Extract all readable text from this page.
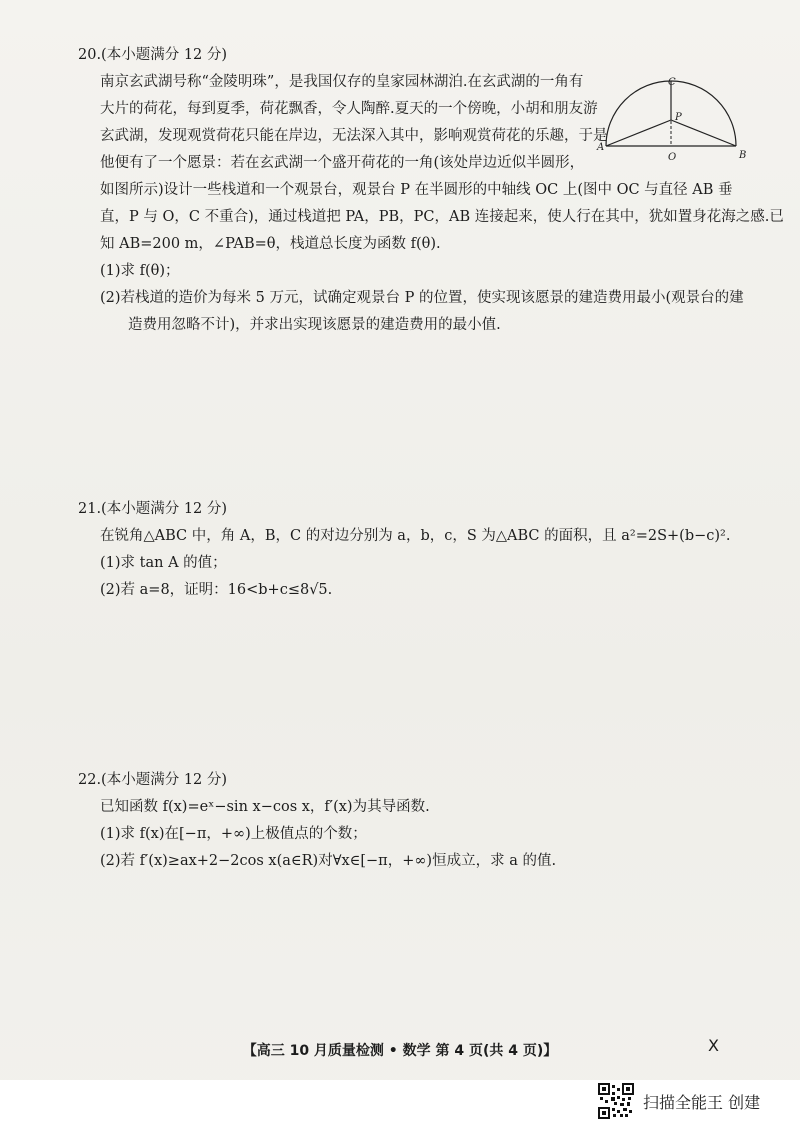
20.(本小题满分 12 分)
南京玄武湖号称“金陵明珠”，是我国仅存的皇家园林湖泊.在玄武湖的一角有
大片的荷花，每到夏季，荷花飘香，令人陶醉.夏天的一个傍晚，小胡和朋友游
玄武湖，发现观赏荷花只能在岸边，无法深入其中，影响观赏荷花的乐趣，于是
他便有了一个愿景：若在玄武湖一个盛开荷花的一角(该处岸边近似半圆形，
如图所示)设计一些栈道和一个观景台，观景台 P 在半圆形的中轴线 OC 上(图中 OC 与直径 AB 垂
直，P 与 O，C 不重合)，通过栈道把 PA，PB，PC，AB 连接起来，使人行在其中，犹如置身花海之感.已
知 AB=200 m，∠PAB=θ，栈道总长度为函数 f(θ).
(1)求 f(θ)；
(2)若栈道的造价为每米 5 万元，试确定观景台 P 的位置，使实现该愿景的建造费用最小(观景台的建
造费用忽略不计)，并求出实现该愿景的建造费用的最小值.
A
B
C
O
P
21.(本小题满分 12 分)
在锐角△ABC 中，角 A，B，C 的对边分别为 a，b，c，S 为△ABC 的面积，且 a²=2S+(b−c)².
(1)求 tan A 的值；
(2)若 a=8，证明：16<b+c≤8√5.
22.(本小题满分 12 分)
已知函数 f(x)=eˣ−sin x−cos x，f′(x)为其导函数.
(1)求 f(x)在[−π，+∞)上极值点的个数；
(2)若 f′(x)≥ax+2−2cos x(a∈R)对∀x∈[−π，+∞)恒成立，求 a 的值.
【高三 10 月质量检测 • 数学 第 4 页(共 4 页)】	X
扫描全能王 创建
